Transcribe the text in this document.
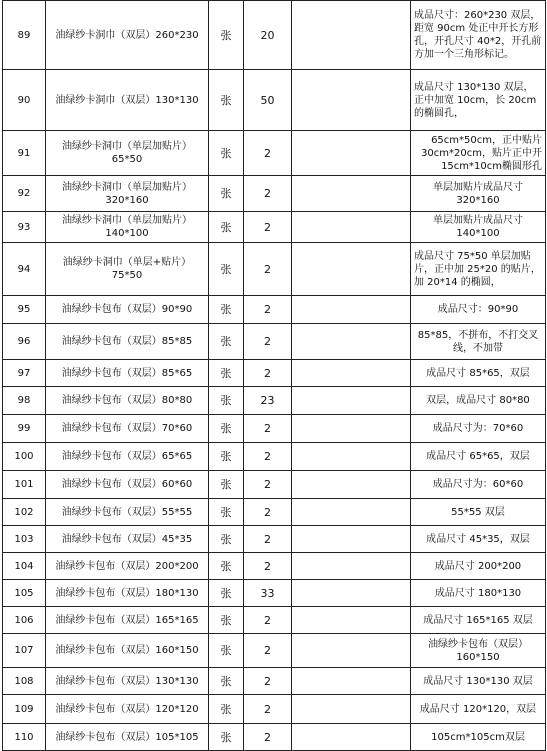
89	油绿纱卡洞巾（双层）260*230	张	20		成品尺寸：260*230 双层，距宽 90cm 处正中开长方形孔，开孔尺寸 40*2，开孔前方加一个三角形标记。
90	油绿纱卡洞巾（双层）130*130	张	50		成品尺寸 130*130 双层，正中加宽 10cm，长 20cm 的椭圆孔，
91	油绿纱卡洞巾（单层加贴片）65*50	张	2		65cm*50cm，正中贴片 30cm*20cm，贴片正中开 15cm*10cm椭圆形孔
92	油绿纱卡洞巾（单层加贴片）320*160	张	2		单层加贴片成品尺寸 320*160
93	油绿纱卡洞巾（单层加贴片）140*100	张	2		单层加贴片成品尺寸 140*100
94	油绿纱卡洞巾（单层+贴片）75*50	张	2		成品尺寸 75*50 单层加贴片，正中加 25*20 的贴片，加 20*14 的椭圆，
95	油绿纱卡包布（双层）90*90	张	2		成品尺寸：90*90
96	油绿纱卡包布（双层）85*85	张	2		85*85，不拼布，不打交叉线，不加带
97	油绿纱卡包布（双层）85*65	张	2		成品尺寸 85*65，双层
98	油绿纱卡包布（双层）80*80	张	23		双层，成品尺寸 80*80
99	油绿纱卡包布（双层）70*60	张	2		成品尺寸为：70*60
100	油绿纱卡包布（双层）65*65	张	2		成品尺寸 65*65，双层
101	油绿纱卡包布（双层）60*60	张	2		成品尺寸为：60*60
102	油绿纱卡包布（双层）55*55	张	2		55*55 双层
103	油绿纱卡包布（双层）45*35	张	2		成品尺寸 45*35，双层
104	油绿纱卡包布（双层）200*200	张	2		成品尺寸 200*200
105	油绿纱卡包布（双层）180*130	张	33		成品尺寸 180*130
106	油绿纱卡包布（双层）165*165	张	2		成品尺寸 165*165 双层
107	油绿纱卡包布（双层）160*150	张	2		油绿纱卡包布（双层）160*150
108	油绿纱卡包布（双层）130*130	张	2		成品尺寸 130*130 双层
109	油绿纱卡包布（双层）120*120	张	2		成品尺寸 120*120，双层
110	油绿纱卡包布（双层）105*105	张	2		105cm*105cm双层
